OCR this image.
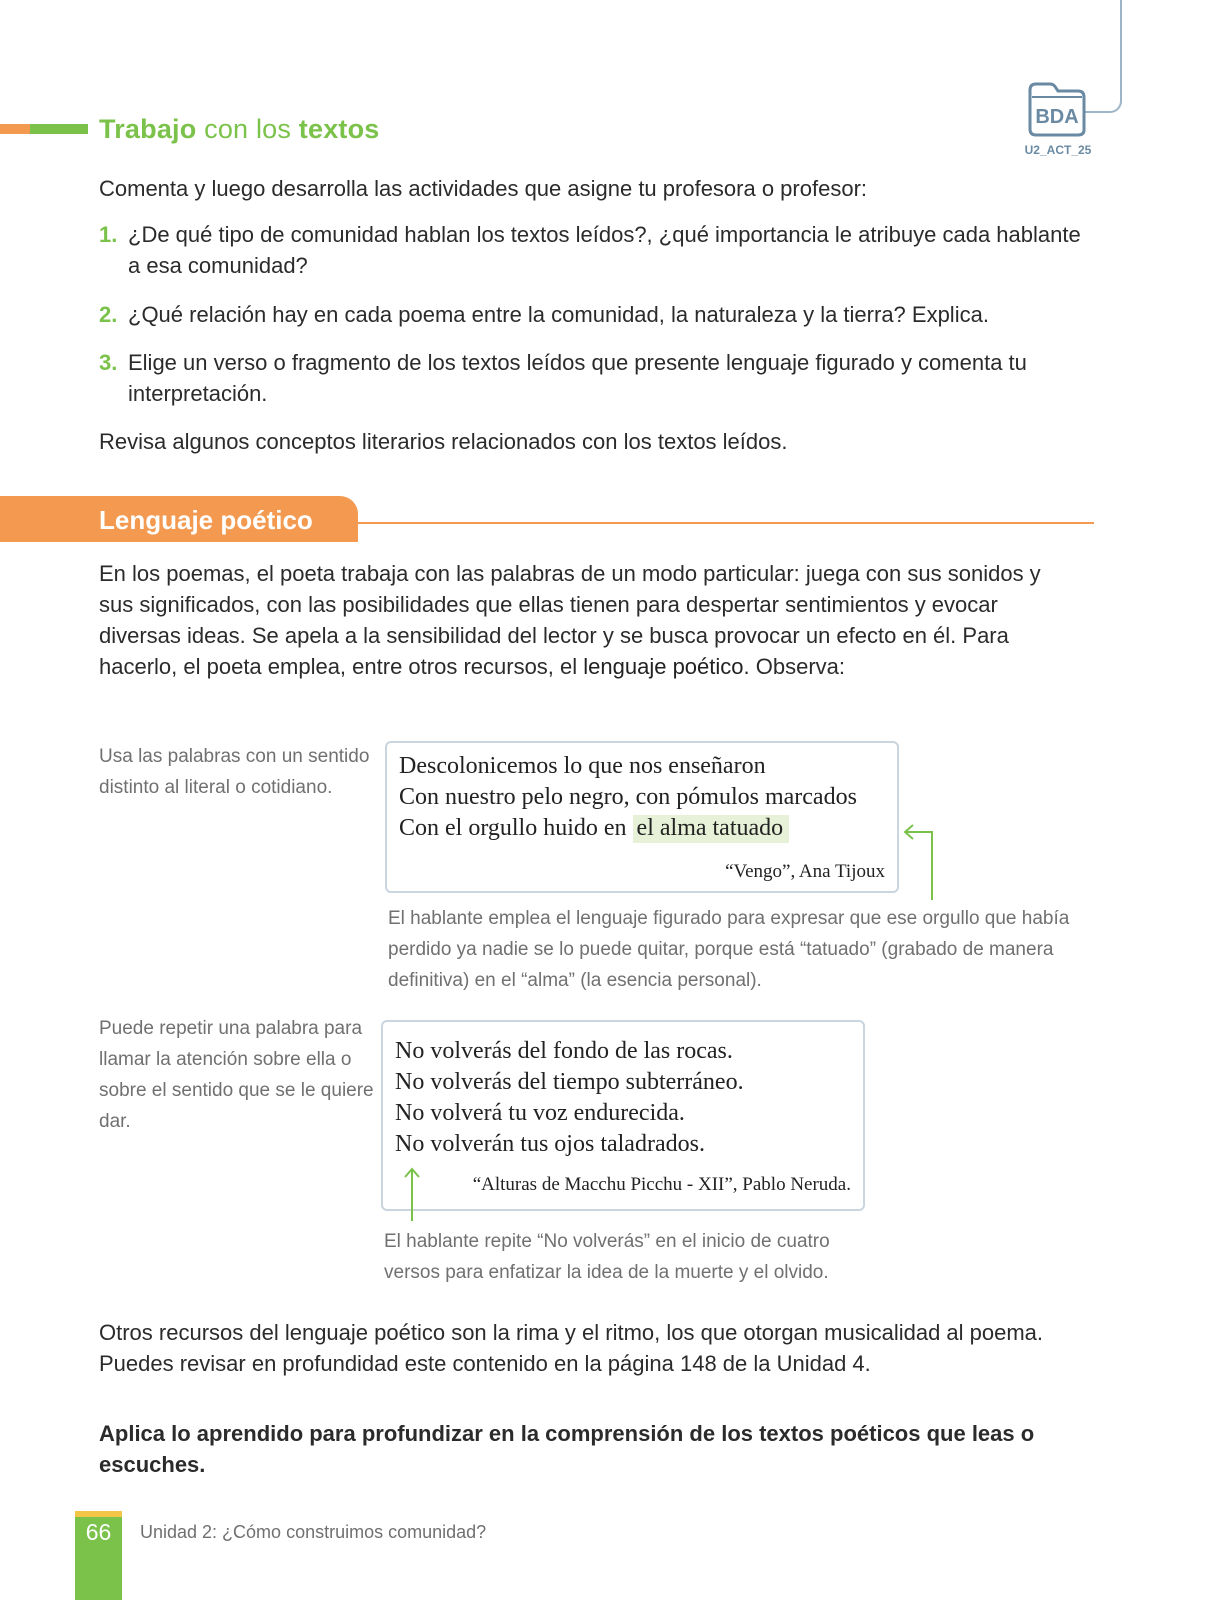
Trabajo con los textos	BDA
U2_ACT_25
Comenta y luego desarrolla las actividades que asigne tu profesora o profesor:
1. ¿De qué tipo de comunidad hablan los textos leídos?, ¿qué importancia le atribuye cada hablante a esa comunidad?
2. ¿Qué relación hay en cada poema entre la comunidad, la naturaleza y la tierra? Explica.
3. Elige un verso o fragmento de los textos leídos que presente lenguaje figurado y comenta tu interpretación.
Revisa algunos conceptos literarios relacionados con los textos leídos.
Lenguaje poético
En los poemas, el poeta trabaja con las palabras de un modo particular: juega con sus sonidos y sus significados, con las posibilidades que ellas tienen para despertar sentimientos y evocar diversas ideas. Se apela a la sensibilidad del lector y se busca provocar un efecto en él. Para hacerlo, el poeta emplea, entre otros recursos, el lenguaje poético. Observa:
Usa las palabras con un sentido distinto al literal o cotidiano.
Descolonicemos lo que nos enseñaron
Con nuestro pelo negro, con pómulos marcados
Con el orgullo huido en el alma tatuado
“Vengo”, Ana Tijoux
El hablante emplea el lenguaje figurado para expresar que ese orgullo que había perdido ya nadie se lo puede quitar, porque está “tatuado” (grabado de manera definitiva) en el “alma” (la esencia personal).
Puede repetir una palabra para llamar la atención sobre ella o sobre el sentido que se le quiere dar.
No volverás del fondo de las rocas.
No volverás del tiempo subterráneo.
No volverá tu voz endurecida.
No volverán tus ojos taladrados.
“Alturas de Macchu Picchu - XII”, Pablo Neruda.
El hablante repite “No volverás” en el inicio de cuatro versos para enfatizar la idea de la muerte y el olvido.
Otros recursos del lenguaje poético son la rima y el ritmo, los que otorgan musicalidad al poema. Puedes revisar en profundidad este contenido en la página 148 de la Unidad 4.
Aplica lo aprendido para profundizar en la comprensión de los textos poéticos que leas o escuches.
66	Unidad 2: ¿Cómo construimos comunidad?
